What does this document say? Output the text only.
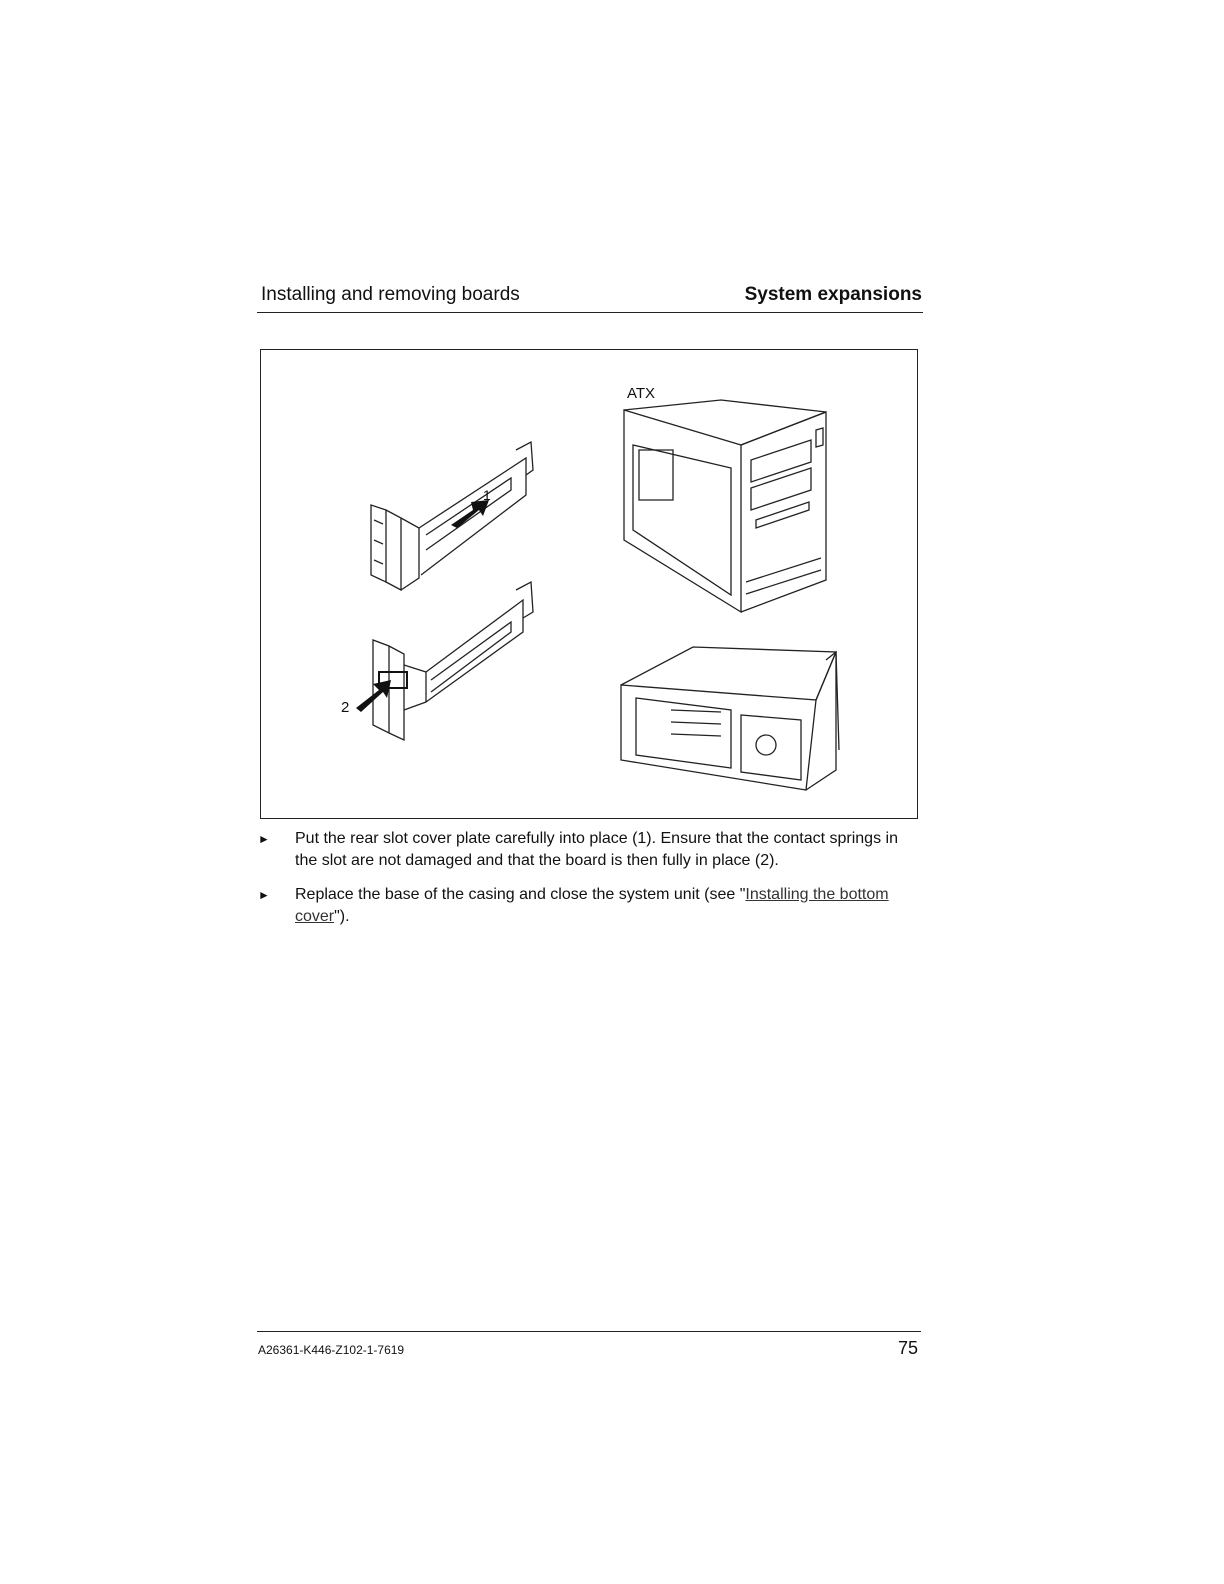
Installing and removing boards	System expansions
ATX
1
2
► Put the rear slot cover plate carefully into place (1). Ensure that the contact springs in the slot are not damaged and that the board is then fully in place (2).
► Replace the base of the casing and close the system unit (see "Installing the bottom cover").
A26361-K446-Z102-1-7619	75
